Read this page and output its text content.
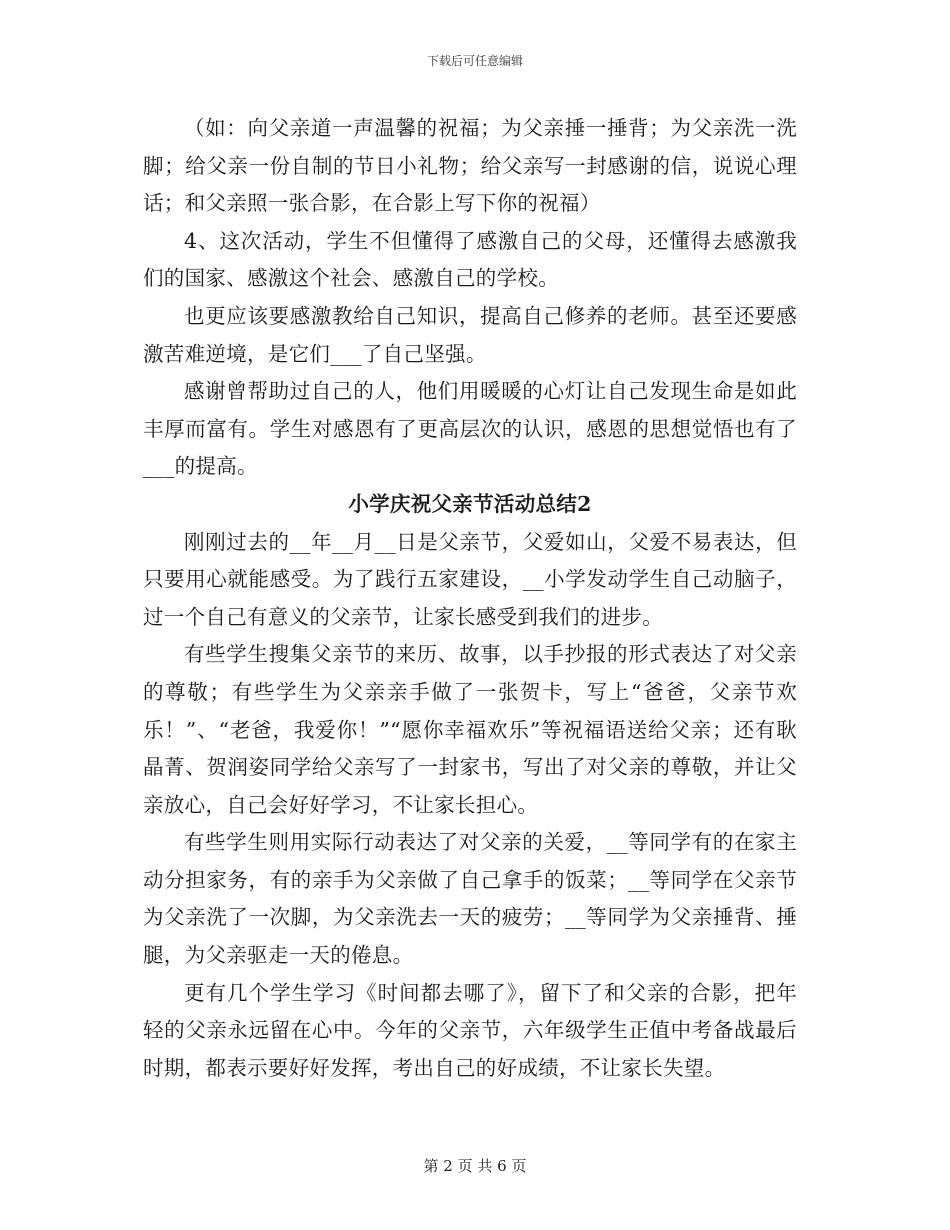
下载后可任意编辑

（如：向父亲道一声温馨的祝福；为父亲捶一捶背；为父亲洗一洗脚；给父亲一份自制的节日小礼物；给父亲写一封感谢的信，说说心理话；和父亲照一张合影，在合影上写下你的祝福）

4、这次活动，学生不但懂得了感激自己的父母，还懂得去感激我们的国家、感激这个社会、感激自己的学校。

也更应该要感激教给自己知识，提高自己修养的老师。甚至还要感激苦难逆境，是它们___了自己坚强。

感谢曾帮助过自己的人，他们用暖暖的心灯让自己发现生命是如此丰厚而富有。学生对感恩有了更高层次的认识，感恩的思想觉悟也有了___的提高。

小学庆祝父亲节活动总结2

刚刚过去的__年__月__日是父亲节，父爱如山，父爱不易表达，但只要用心就能感受。为了践行五家建设，__小学发动学生自己动脑子，过一个自己有意义的父亲节，让家长感受到我们的进步。

有些学生搜集父亲节的来历、故事，以手抄报的形式表达了对父亲的尊敬；有些学生为父亲亲手做了一张贺卡，写上“爸爸，父亲节欢乐！”、“老爸，我爱你！”“愿你幸福欢乐”等祝福语送给父亲；还有耿晶菁、贺润姿同学给父亲写了一封家书，写出了对父亲的尊敬，并让父亲放心，自己会好好学习，不让家长担心。

有些学生则用实际行动表达了对父亲的关爱，__等同学有的在家主动分担家务，有的亲手为父亲做了自己拿手的饭菜；__等同学在父亲节为父亲洗了一次脚，为父亲洗去一天的疲劳；__等同学为父亲捶背、捶腿，为父亲驱走一天的倦息。

更有几个学生学习《时间都去哪了》，留下了和父亲的合影，把年轻的父亲永远留在心中。今年的父亲节，六年级学生正值中考备战最后时期，都表示要好好发挥，考出自己的好成绩，不让家长失望。

第 2 页 共 6 页
